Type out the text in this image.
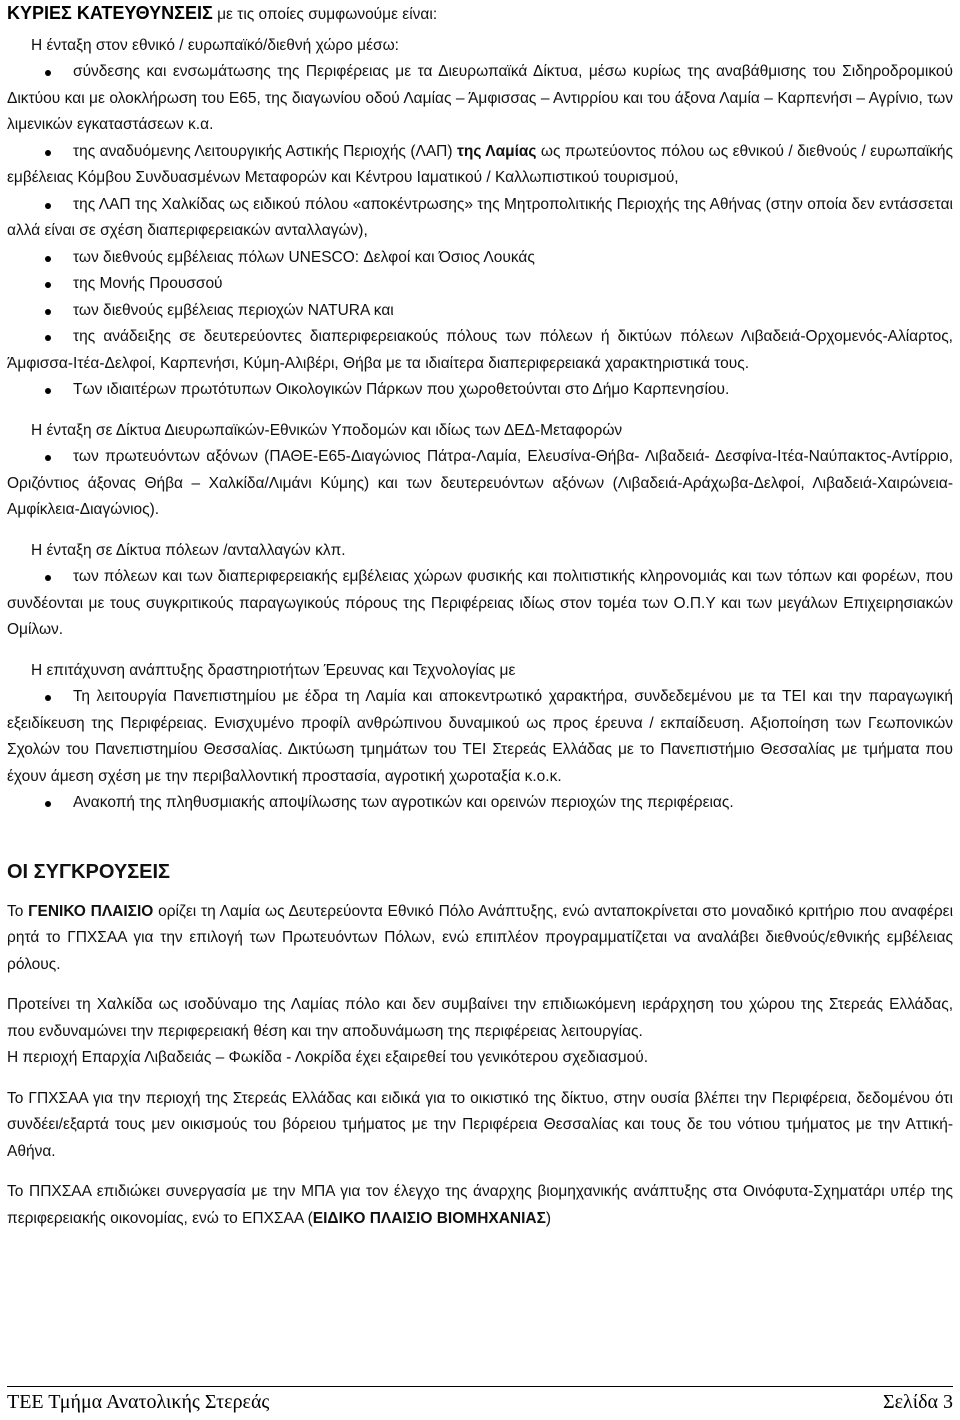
ΚΥΡΙΕΣ ΚΑΤΕΥΘΥΝΣΕΙΣ με τις οποίες συμφωνούμε είναι:

Η ένταξη στον εθνικό / ευρωπαϊκό/διεθνή χώρο μέσω:

σύνδεσης και ενσωμάτωσης της Περιφέρειας με τα Διευρωπαϊκά Δίκτυα, μέσω κυρίως της αναβάθμισης του Σιδηροδρομικού Δικτύου και με ολοκλήρωση του Ε65, της διαγωνίου οδού Λαμίας – Άμφισσας – Αντιρρίου και του άξονα Λαμία – Καρπενήσι – Αγρίνιο, των λιμενικών εγκαταστάσεων κ.α.

της αναδυόμενης Λειτουργικής Αστικής Περιοχής (ΛΑΠ) της Λαμίας ως πρωτεύοντος πόλου ως εθνικού / διεθνούς / ευρωπαϊκής εμβέλειας Κόμβου Συνδυασμένων Μεταφορών και Κέντρου Ιαματικού / Καλλωπιστικού τουρισμού,

της ΛΑΠ της Χαλκίδας ως ειδικού πόλου «αποκέντρωσης» της Μητροπολιτικής Περιοχής της Αθήνας (στην οποία δεν εντάσσεται αλλά είναι σε σχέση διαπεριφερειακών ανταλλαγών),

των διεθνούς εμβέλειας πόλων UNESCO: Δελφοί και Όσιος Λουκάς

της Μονής Προυσσού

των διεθνούς εμβέλειας περιοχών NATURA και

της ανάδειξης σε δευτερεύοντες διαπεριφερειακούς πόλους των πόλεων ή δικτύων πόλεων Λιβαδειά-Ορχομενός-Αλίαρτος, Άμφισσα-Ιτέα-Δελφοί, Καρπενήσι, Κύμη-Αλιβέρι, Θήβα με τα ιδιαίτερα διαπεριφερειακά χαρακτηριστικά τους.

Των ιδιαιτέρων πρωτότυπων Οικολογικών Πάρκων που χωροθετούνται στο Δήμο Καρπενησίου.

Η ένταξη σε Δίκτυα Διευρωπαϊκών-Εθνικών Υποδομών και ιδίως των ΔΕΔ-Μεταφορών

των πρωτευόντων αξόνων (ΠΑΘΕ-Ε65-Διαγώνιος Πάτρα-Λαμία, Ελευσίνα-Θήβα- Λιβαδειά- Δεσφίνα-Ιτέα-Ναύπακτος-Αντίρριο, Οριζόντιος άξονας Θήβα – Χαλκίδα/Λιμάνι Κύμης) και των δευτερευόντων αξόνων (Λιβαδειά-Αράχωβα-Δελφοί, Λιβαδειά-Χαιρώνεια-Αμφίκλεια-Διαγώνιος).

Η ένταξη σε Δίκτυα πόλεων /ανταλλαγών κλπ.

των πόλεων και των διαπεριφερειακής εμβέλειας χώρων φυσικής και πολιτιστικής κληρονομιάς και των τόπων και φορέων, που συνδέονται με τους συγκριτικούς παραγωγικούς πόρους της Περιφέρειας ιδίως στον τομέα των Ο.Π.Υ και των μεγάλων Επιχειρησιακών Ομίλων.

Η επιτάχυνση ανάπτυξης δραστηριοτήτων Έρευνας και Τεχνολογίας με

Τη λειτουργία Πανεπιστημίου με έδρα τη Λαμία και αποκεντρωτικό χαρακτήρα, συνδεδεμένου με τα ΤΕΙ και την παραγωγική εξειδίκευση της Περιφέρειας. Ενισχυμένο προφίλ ανθρώπινου δυναμικού ως προς έρευνα / εκπαίδευση. Αξιοποίηση των Γεωπονικών Σχολών του Πανεπιστημίου Θεσσαλίας. Δικτύωση τμημάτων του ΤΕΙ Στερεάς Ελλάδας με το Πανεπιστήμιο Θεσσαλίας με τμήματα που έχουν άμεση σχέση με την περιβαλλοντική προστασία, αγροτική χωροταξία κ.ο.κ.

Ανακοπή της πληθυσμιακής αποψίλωσης των αγροτικών και ορεινών περιοχών της περιφέρειας.

ΟΙ ΣΥΓΚΡΟΥΣΕΙΣ

Το ΓΕΝΙΚΟ ΠΛΑΙΣΙΟ ορίζει τη Λαμία ως Δευτερεύοντα Εθνικό Πόλο Ανάπτυξης, ενώ ανταποκρίνεται στο μοναδικό κριτήριο που αναφέρει ρητά το ΓΠΧΣΑΑ για την επιλογή των Πρωτευόντων Πόλων, ενώ επιπλέον προγραμματίζεται να αναλάβει διεθνούς/εθνικής εμβέλειας ρόλους.

Προτείνει τη Χαλκίδα ως ισοδύναμο της Λαμίας πόλο και δεν συμβαίνει την επιδιωκόμενη ιεράρχηση του χώρου της Στερεάς Ελλάδας, που ενδυναμώνει την περιφερειακή θέση και την αποδυνάμωση της περιφέρειας λειτουργίας.

Η περιοχή Επαρχία Λιβαδειάς – Φωκίδα - Λοκρίδα έχει εξαιρεθεί του γενικότερου σχεδιασμού.

Το ΓΠΧΣΑΑ για την περιοχή της Στερεάς Ελλάδας και ειδικά για το οικιστικό της δίκτυο, στην ουσία βλέπει την Περιφέρεια, δεδομένου ότι συνδέει/εξαρτά τους μεν οικισμούς του βόρειου τμήματος με την Περιφέρεια Θεσσαλίας και τους δε του νότιου τμήματος με την Αττική-Αθήνα.

Το ΠΠΧΣΑΑ επιδιώκει συνεργασία με την ΜΠΑ για τον έλεγχο της άναρχης βιομηχανικής ανάπτυξης στα Οινόφυτα-Σχηματάρι υπέρ της περιφερειακής οικονομίας, ενώ το ΕΠΧΣΑΑ (ΕΙΔΙΚΟ ΠΛΑΙΣΙΟ ΒΙΟΜΗΧΑΝΙΑΣ)

ΤΕΕ Τμήμα Ανατολικής Στερεάς	Σελίδα 3
